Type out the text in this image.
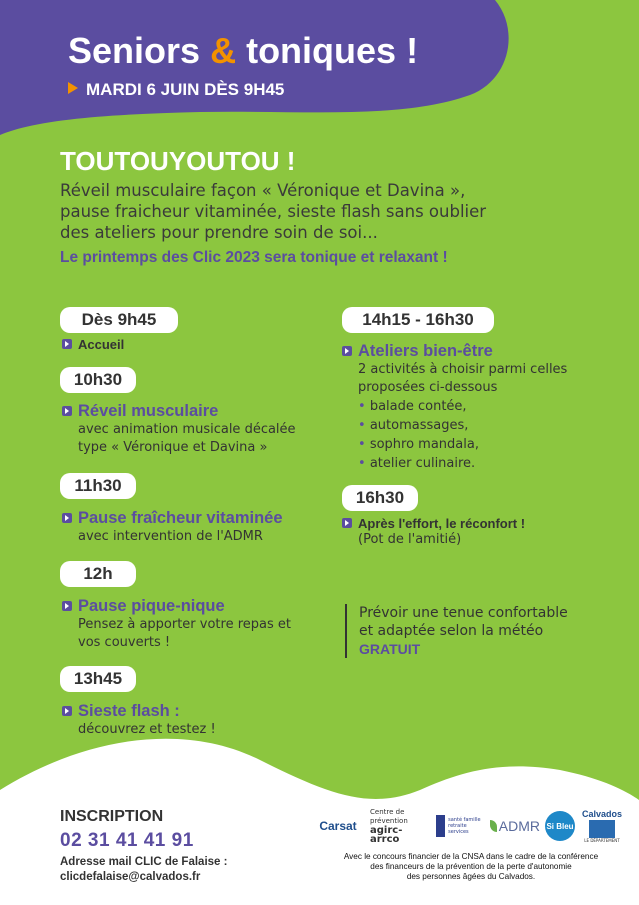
Seniors & toniques !
MARDI 6 JUIN DÈS 9H45
TOUTOUYOUTOU !
Réveil musculaire façon « Véronique et Davina »,
pause fraicheur vitaminée, sieste flash sans oublier
des ateliers pour prendre soin de soi...
Le printemps des Clic 2023 sera tonique et relaxant !
Dès 9h45
Accueil
10h30
Réveil musculaire
avec animation musicale décalée
type « Véronique et Davina »
11h30
Pause fraîcheur vitaminée
avec intervention de l'ADMR
12h
Pause pique-nique
Pensez à apporter votre repas et
vos couverts !
13h45
Sieste flash :
découvrez et testez !
14h15 - 16h30
Ateliers bien-être
2 activités à choisir parmi celles
proposées ci-dessous
• balade contée,
• automassages,
• sophro mandala,
• atelier culinaire.
16h30
Après l'effort, le réconfort !
(Pot de l'amitié)
Prévoir une tenue confortable
et adaptée selon la météo
GRATUIT
INSCRIPTION
02 31 41 41 91
Adresse mail CLIC de Falaise :
clicdefalaise@calvados.fr
Carsat
Centre de prévention
agirc-arrco
santé famille retraite services	ADMR Si Bleu
Calvados
LE DÉPARTEMENT
Avec le concours financier de la CNSA dans le cadre de la conférence
des financeurs de la prévention de la perte d'autonomie
des personnes âgées du Calvados.
